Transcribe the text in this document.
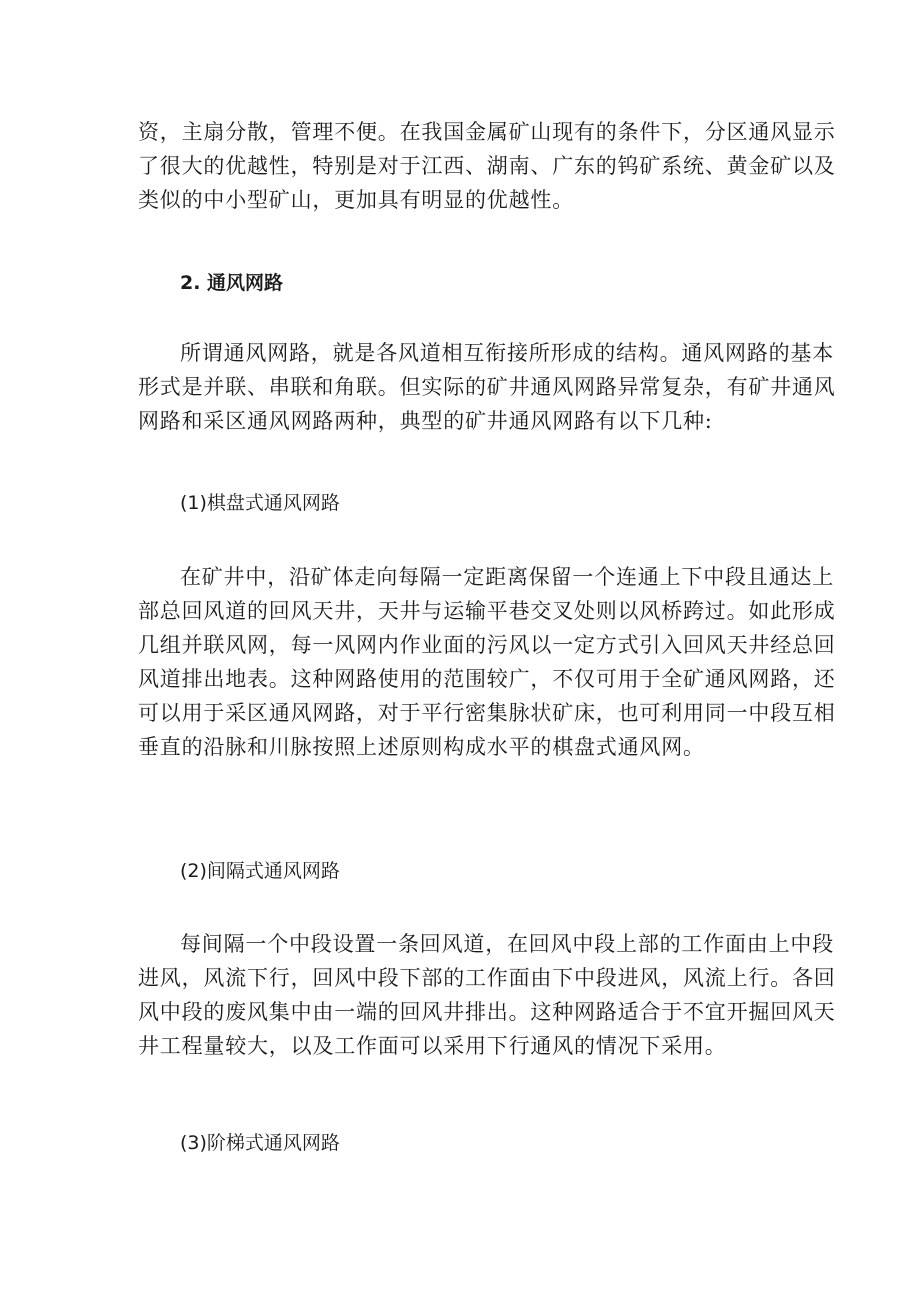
资，主扇分散，管理不便。在我国金属矿山现有的条件下，分区通风显示
了很大的优越性，特别是对于江西、湖南、广东的钨矿系统、黄金矿以及
类似的中小型矿山，更加具有明显的优越性。
2. 通风网路
所谓通风网路，就是各风道相互衔接所形成的结构。通风网路的基本
形式是并联、串联和角联。但实际的矿井通风网路异常复杂，有矿井通风
网路和采区通风网路两种，典型的矿井通风网路有以下几种:
(1)棋盘式通风网路
在矿井中，沿矿体走向每隔一定距离保留一个连通上下中段且通达上
部总回风道的回风天井，天井与运输平巷交叉处则以风桥跨过。如此形成
几组并联风网，每一风网内作业面的污风以一定方式引入回风天井经总回
风道排出地表。这种网路使用的范围较广，不仅可用于全矿通风网路，还
可以用于采区通风网路，对于平行密集脉状矿床，也可利用同一中段互相
垂直的沿脉和川脉按照上述原则构成水平的棋盘式通风网。
(2)间隔式通风网路
每间隔一个中段设置一条回风道，在回风中段上部的工作面由上中段
进风，风流下行，回风中段下部的工作面由下中段进风，风流上行。各回
风中段的废风集中由一端的回风井排出。这种网路适合于不宜开掘回风天
井工程量较大，以及工作面可以采用下行通风的情况下采用。
(3)阶梯式通风网路
